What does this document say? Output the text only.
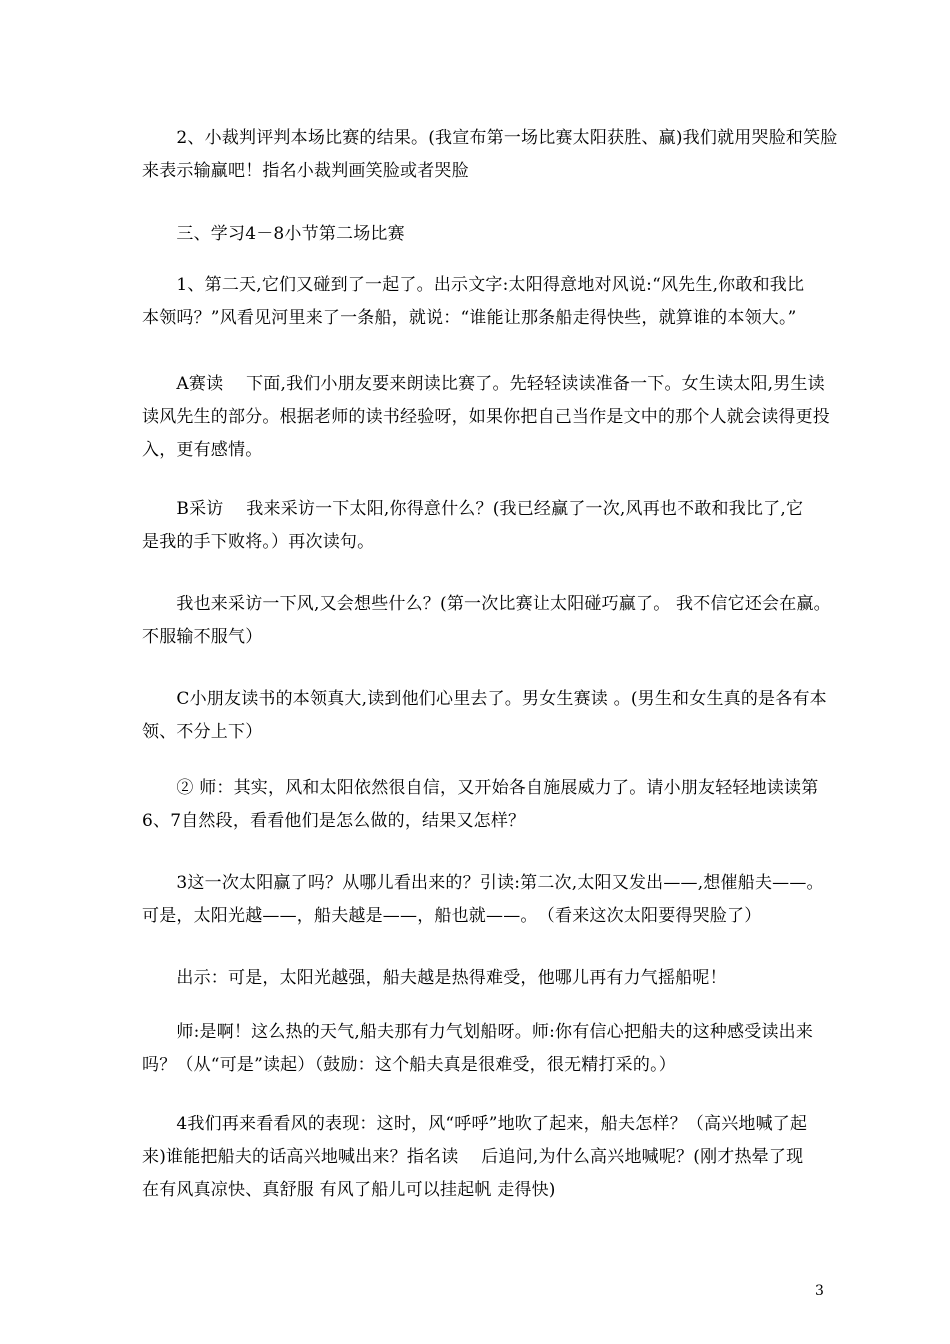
　　2、小裁判评判本场比赛的结果。(我宣布第一场比赛太阳获胜、赢)我们就用哭脸和笑脸
来表示输赢吧！指名小裁判画笑脸或者哭脸

　　三、学习4－8小节第二场比赛

　　1、第二天,它们又碰到了一起了。出示文字:太阳得意地对风说:“风先生,你敢和我比
本领吗？”风看见河里来了一条船，就说：“谁能让那条船走得快些，就算谁的本领大。”

　　A赛读　 下面,我们小朋友要来朗读比赛了。先轻轻读读准备一下。女生读太阳,男生读
读风先生的部分。根据老师的读书经验呀，如果你把自己当作是文中的那个人就会读得更投
入，更有感情。

　　B采访　 我来采访一下太阳,你得意什么？(我已经赢了一次,风再也不敢和我比了,它
是我的手下败将。）再次读句。

　　我也来采访一下风,又会想些什么？(第一次比赛让太阳碰巧赢了。 我不信它还会在赢。
不服输不服气）

　　C小朋友读书的本领真大,读到他们心里去了。男女生赛读 。(男生和女生真的是各有本
领、不分上下）

　　② 师：其实，风和太阳依然很自信，又开始各自施展威力了。请小朋友轻轻地读读第
6、7自然段，看看他们是怎么做的，结果又怎样？

　　3这一次太阳赢了吗？从哪儿看出来的？引读:第二次,太阳又发出——,想催船夫——。
可是，太阳光越——，船夫越是——，船也就——。　（看来这次太阳要得哭脸了）

　　出示：可是，太阳光越强，船夫越是热得难受，他哪儿再有力气摇船呢！

　　师:是啊！这么热的天气,船夫那有力气划船呀。师:你有信心把船夫的这种感受读出来
吗？（从“可是”读起）（鼓励：这个船夫真是很难受，很无精打采的。）

　　4我们再来看看风的表现：这时，风“呼呼”地吹了起来，船夫怎样？（高兴地喊了起
来)谁能把船夫的话高兴地喊出来？指名读　 后追问,为什么高兴地喊呢？(刚才热晕了现
在有风真凉快、真舒服 有风了船儿可以挂起帆 走得快)

3
